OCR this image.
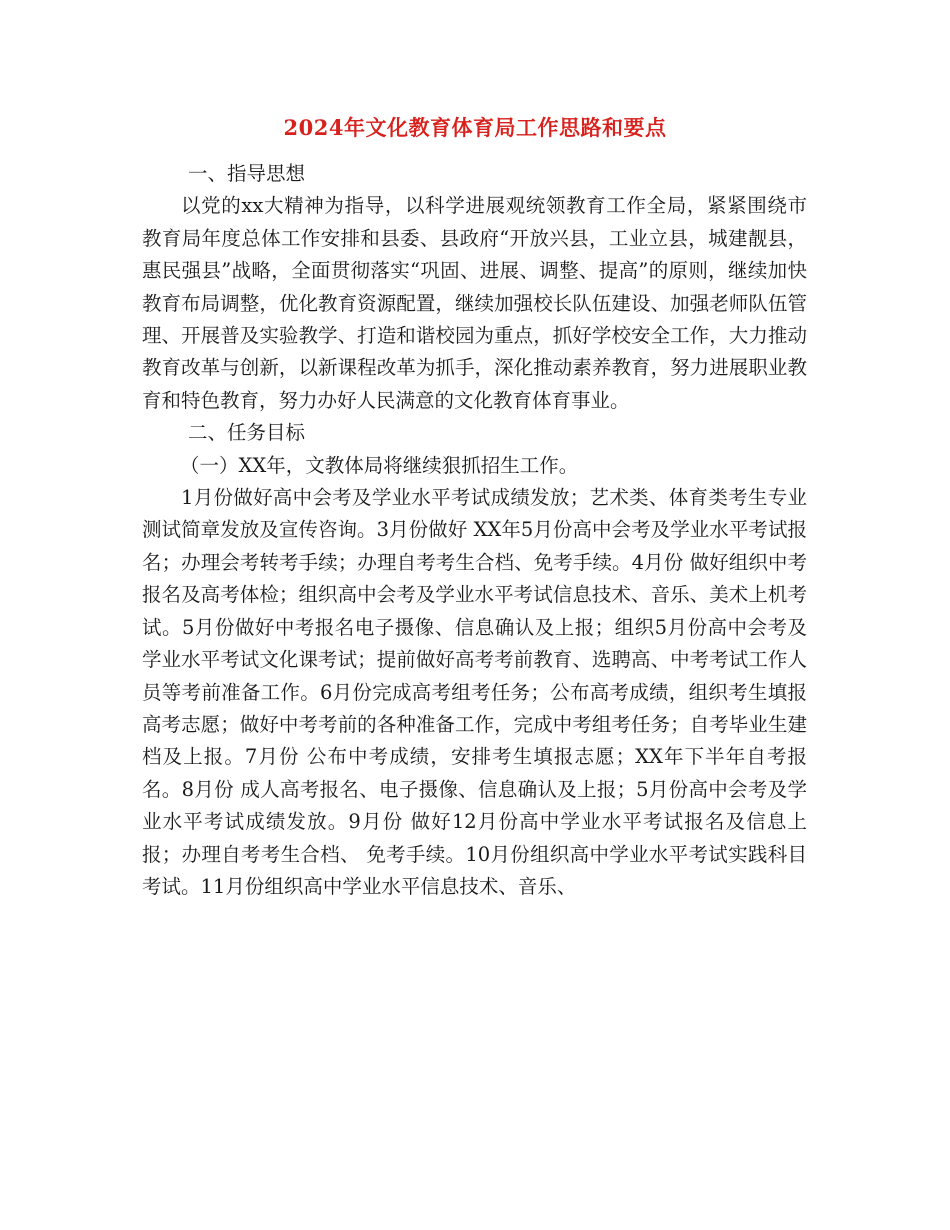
2024年文化教育体育局工作思路和要点

一、指导思想

以党的xx大精神为指导，以科学进展观统领教育工作全局，紧紧围绕市教育局年度总体工作安排和县委、县政府“开放兴县，工业立县，城建靓县，惠民强县”战略，全面贯彻落实“巩固、进展、调整、提高”的原则，继续加快教育布局调整，优化教育资源配置，继续加强校长队伍建设、加强老师队伍管理、开展普及实验教学、打造和谐校园为重点，抓好学校安全工作，大力推动教育改革与创新，以新课程改革为抓手，深化推动素养教育，努力进展职业教育和特色教育，努力办好人民满意的文化教育体育事业。

二、任务目标

（一）XX年，文教体局将继续狠抓招生工作。

1月份做好高中会考及学业水平考试成绩发放；艺术类、体育类考生专业测试简章发放及宣传咨询。3月份做好 XX年5月份高中会考及学业水平考试报名；办理会考转考手续；办理自考考生合档、免考手续。4月份 做好组织中考报名及高考体检；组织高中会考及学业水平考试信息技术、音乐、美术上机考试。5月份做好中考报名电子摄像、信息确认及上报；组织5月份高中会考及学业水平考试文化课考试；提前做好高考考前教育、选聘高、中考考试工作人员等考前准备工作。6月份完成高考组考任务；公布高考成绩，组织考生填报高考志愿；做好中考考前的各种准备工作，完成中考组考任务；自考毕业生建档及上报。7月份 公布中考成绩，安排考生填报志愿；XX年下半年自考报名。8月份 成人高考报名、电子摄像、信息确认及上报；5月份高中会考及学业水平考试成绩发放。9月份 做好12月份高中学业水平考试报名及信息上报；办理自考考生合档、 免考手续。10月份组织高中学业水平考试实践科目考试。11月份组织高中学业水平信息技术、音乐、
